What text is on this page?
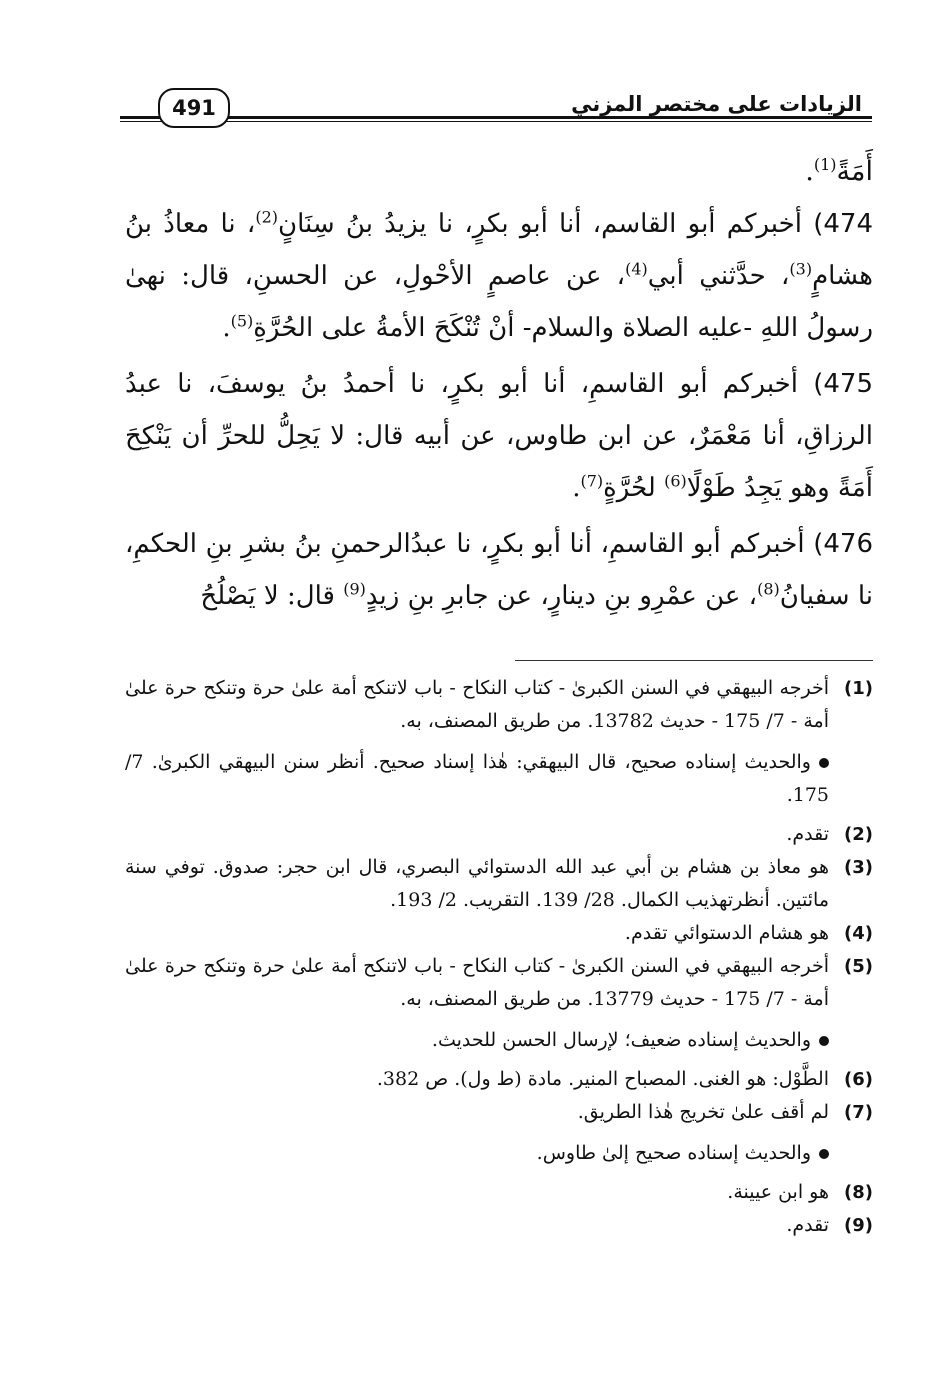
الزيادات على مختصر المزني
491
أَمَةً$^{(1)}$.
474) أخبركم أبو القاسم، أنا أبو بكرٍ، نا يزيدُ بنُ سِنَانٍ$^{(2)}$، نا معاذُ بنُ هشامٍ$^{(3)}$، حدَّثني أبي$^{(4)}$، عن عاصمٍ الأحْولِ، عن الحسنِ، قال: نهىٰ رسولُ اللهِ -عليه الصلاة والسلام- أنْ تُنْكَحَ الأمةُ على الحُرَّةِ$^{(5)}$.
475) أخبركم أبو القاسمِ، أنا أبو بكرٍ، نا أحمدُ بنُ يوسفَ، نا عبدُ الرزاقِ، أنا مَعْمَرٌ، عن ابن طاوس، عن أبيه قال: لا يَحِلُّ للحرِّ أن يَنْكِحَ أَمَةً وهو يَجِدُ طَوْلًا$^{(6)}$ لحُرَّةٍ$^{(7)}$.
476) أخبركم أبو القاسمِ، أنا أبو بكرٍ، نا عبدُالرحمنِ بنُ بشرِ بنِ الحكمِ، نا سفيانُ$^{(8)}$، عن عمْرِو بنِ دينارٍ، عن جابرِ بنِ زيدٍ$^{(9)}$ قال: لا يَصْلُحُ
(1)
أخرجه البيهقي في السنن الكبرىٰ - كتاب النكاح - باب لاتنكح أمة علىٰ حرة وتنكح حرة علىٰ أمة - 7/ 175 - حديث 13782. من طريق المصنف، به.
والحديث إسناده صحيح، قال البيهقي: هٰذا إسناد صحيح. أنظر سنن البيهقي الكبرىٰ. 7/ 175.
(2)
تقدم.
(3)
هو معاذ بن هشام بن أبي عبد الله الدستوائي البصري، قال ابن حجر: صدوق. توفي سنة مائتين. أنظرتهذيب الكمال. 28/ 139. التقريب. 2/ 193.
(4)
هو هشام الدستوائي تقدم.
(5)
أخرجه البيهقي في السنن الكبرىٰ - كتاب النكاح - باب لاتنكح أمة علىٰ حرة وتنكح حرة علىٰ أمة - 7/ 175 - حديث 13779. من طريق المصنف، به.
والحديث إسناده ضعيف؛ لإرسال الحسن للحديث.
(6)
الطَّوْل: هو الغنى. المصباح المنير. مادة (ط ول). ص 382.
(7)
لم أقف علىٰ تخريج هٰذا الطريق.
والحديث إسناده صحيح إلىٰ طاوس.
(8)
هو ابن عيينة.
(9)
تقدم.
